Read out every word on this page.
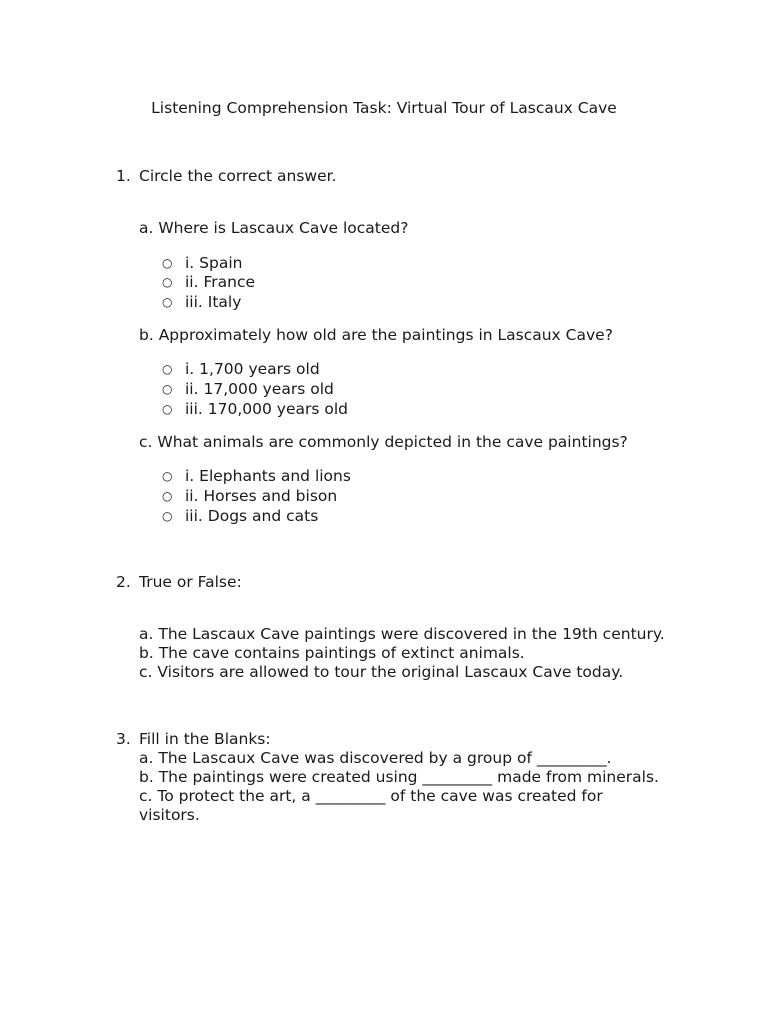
Listening Comprehension Task: Virtual Tour of Lascaux Cave
1. Circle the correct answer.
a. Where is Lascaux Cave located?
○ i. Spain
○ ii. France
○ iii. Italy
b. Approximately how old are the paintings in Lascaux Cave?
○ i. 1,700 years old
○ ii. 17,000 years old
○ iii. 170,000 years old
c. What animals are commonly depicted in the cave paintings?
○ i. Elephants and lions
○ ii. Horses and bison
○ iii. Dogs and cats
2. True or False:
a. The Lascaux Cave paintings were discovered in the 19th century.
b. The cave contains paintings of extinct animals.
c. Visitors are allowed to tour the original Lascaux Cave today.
3. Fill in the Blanks:
a. The Lascaux Cave was discovered by a group of _________.
b. The paintings were created using _________ made from minerals.
c. To protect the art, a _________ of the cave was created for
visitors.
